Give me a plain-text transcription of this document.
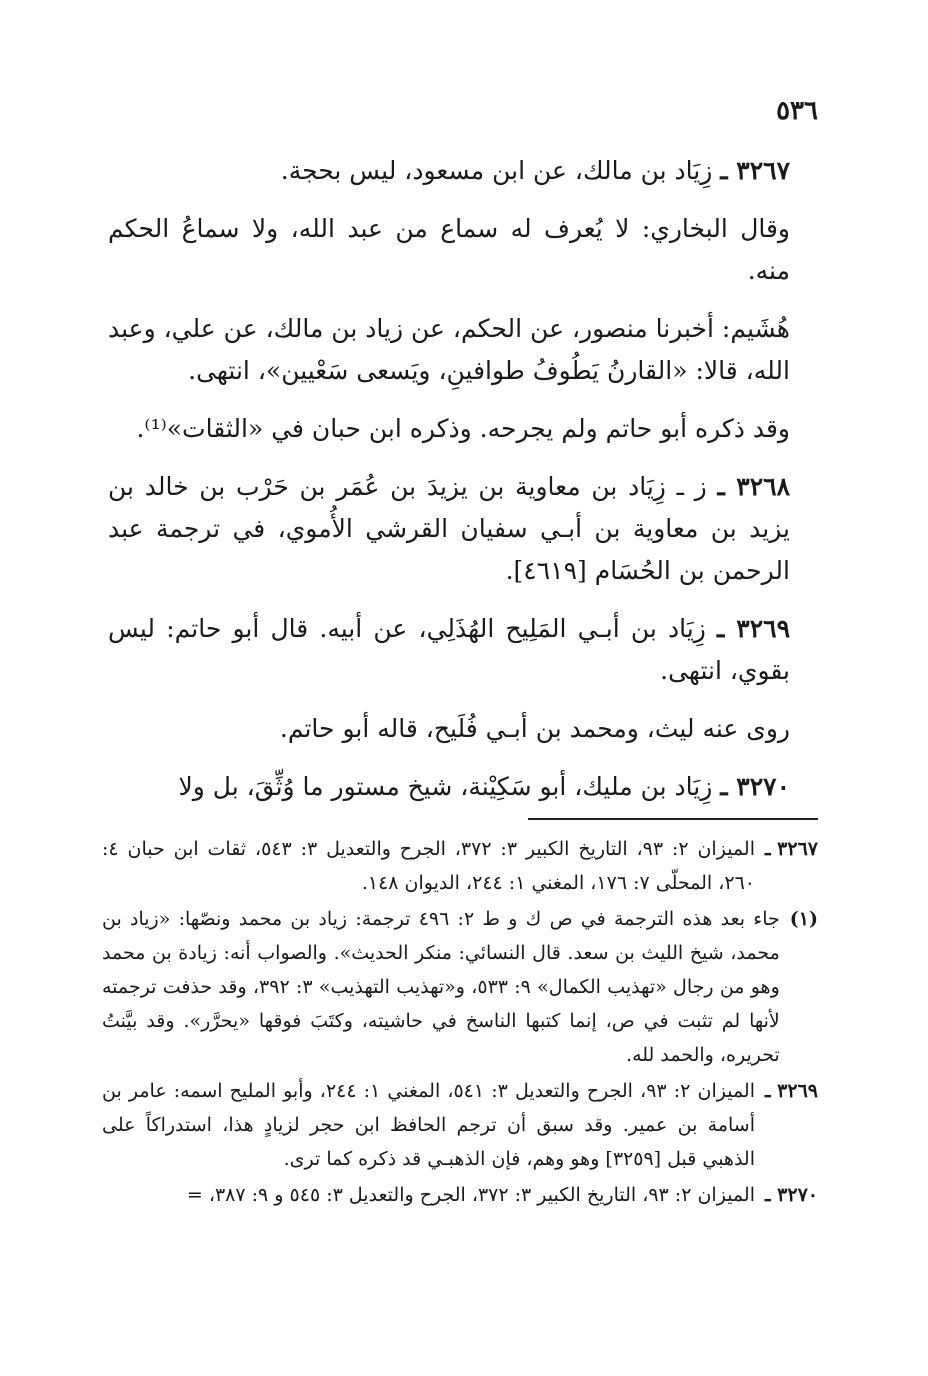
٥٣٦

٣٢٦٧ ـ زِيَاد بن مالك، عن ابن مسعود، ليس بحجة.

وقال البخاري: لا يُعرف له سماع من عبد الله، ولا سماعُ الحكم منه.

هُشَيم: أخبرنا منصور، عن الحكم، عن زياد بن مالك، عن علي، وعبد الله، قالا: «القارنُ يَطُوفُ طوافينِ، ويَسعى سَعْيين»، انتهى.

وقد ذكره أبو حاتم ولم يجرحه. وذكره ابن حبان في «الثقات»⁽¹⁾.

٣٢٦٨ ـ ز ـ زِيَاد بن معاوية بن يزيدَ بن عُمَر بن حَرْب بن خالد بن يزيد بن معاوية بن أبـي سفيان القرشي الأُموي، في ترجمة عبد الرحمن بن الحُسَام [٤٦١٩].

٣٢٦٩ ـ زِيَاد بن أبـي المَلِيح الهُذَلِي، عن أبيه. قال أبو حاتم: ليس بقوي، انتهى.

روى عنه ليث، ومحمد بن أبـي فُلَيح، قاله أبو حاتم.

٣٢٧٠ ـ زِيَاد بن مليك، أبو سَكِيْنة، شيخ مستور ما وُثِّقَ، بل ولا

٣٢٦٧ ـ
الميزان ٢: ٩٣، التاريخ الكبير ٣: ٣٧٢، الجرح والتعديل ٣: ٥٤٣، ثقات ابن حبان ٤: ٢٦٠، المحلّى ٧: ١٧٦، المغني ١: ٢٤٤، الديوان ١٤٨.
(١)
جاء بعد هذه الترجمة في ص ك و ط ٢: ٤٩٦ ترجمة: زياد بن محمد ونصّها: «زياد بن محمد، شيخ الليث بن سعد. قال النسائي: منكر الحديث». والصواب أنه: زيادة بن محمد وهو من رجال «تهذيب الكمال» ٩: ٥٣٣، و«تهذيب التهذيب» ٣: ٣٩٢، وقد حذفت ترجمته لأنها لم تثبت في ص، إنما كتبها الناسخ في حاشيته، وكتَبَ فوقها «يحرَّر». وقد بيَّنتُ تحريره، والحمد لله.
٣٢٦٩ ـ
الميزان ٢: ٩٣، الجرح والتعديل ٣: ٥٤١، المغني ١: ٢٤٤، وأبو المليح اسمه: عامر بن أسامة بن عمير. وقد سبق أن ترجم الحافظ ابن حجر لزيادٍ هذا، استدراكاً على الذهبي قبل [٣٢٥٩] وهو وهم، فإن الذهبـي قد ذكره كما ترى.
٣٢٧٠ ـ
الميزان ٢: ٩٣، التاريخ الكبير ٣: ٣٧٢، الجرح والتعديل ٣: ٥٤٥ و ٩: ٣٨٧، =
